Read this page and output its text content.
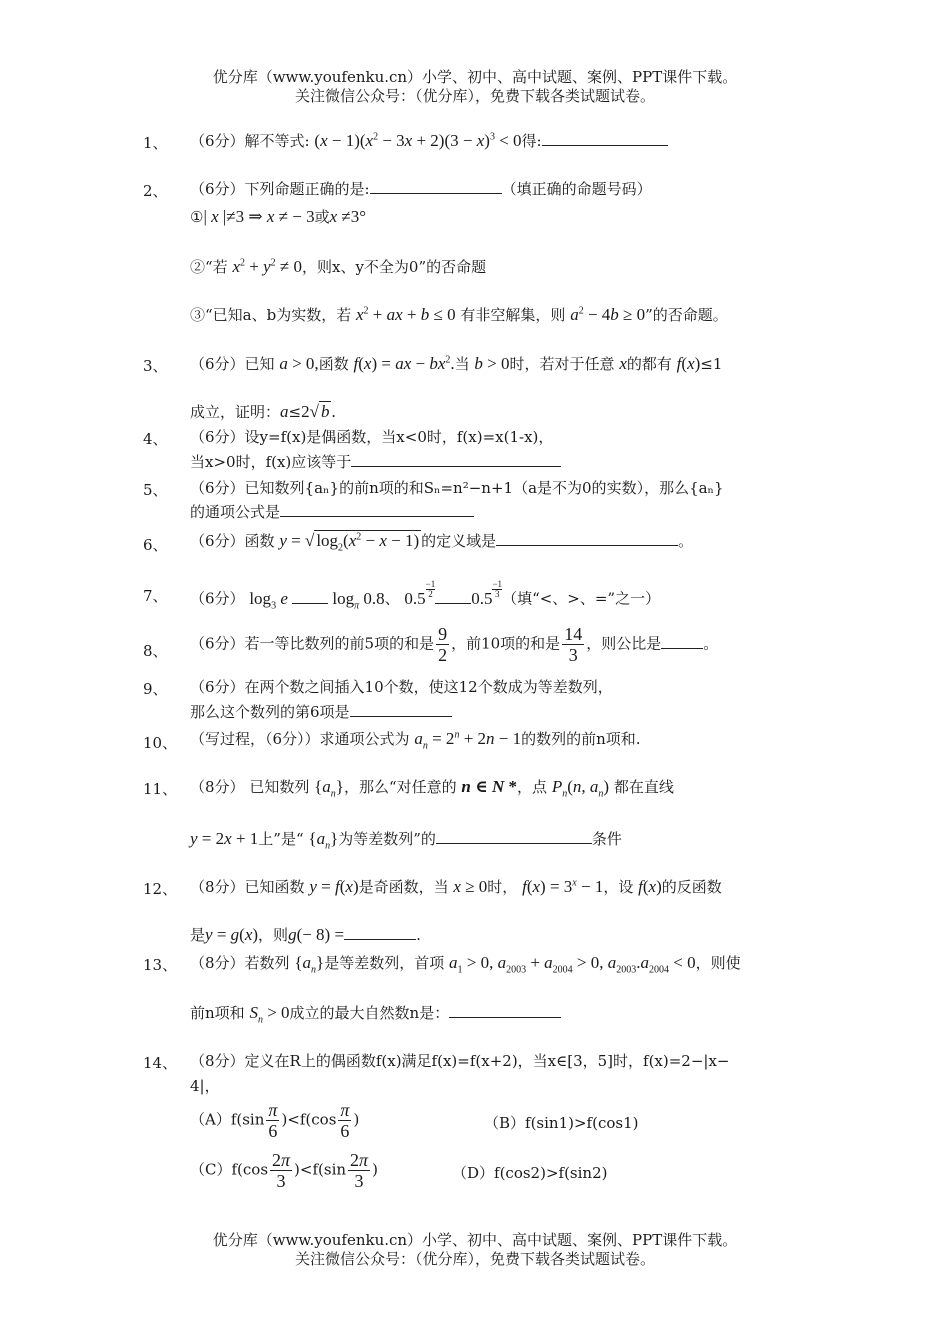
优分库（www.youfenku.cn）小学、初中、高中试题、案例、PPT课件下载。
关注微信公众号：（优分库），免费下载各类试题试卷。
1、 （6分）解不等式: $(x - 1)(x^2 - 3x + 2)(3 - x)^3 < 0$得:
2、 （6分）下列命题正确的是:	（填正确的命题号码）
①| x |≠3 ⇒ x ≠ − 3或x ≠3°
②“若 $x^2 + y^2 \ne 0$，则x、y不全为0”的否命题
③“已知a、b为实数，若 $x^2$ + ax + b ≤ 0 有非空解集，则 $a^2 - 4b \ge 0$”的否命题。
3、 （6分）已知 a > 0,函数 f(x) = ax − $bx^2$.当 b > 0时，若对于任意 x的都有 f(x)≤1
成立，证明：a≤2√ b .
4、 （6分）设y=f(x)是偶函数，当x<0时，f(x)=x(1-x)，
当x>0时，f(x)应该等于
5、 （6分）已知数列{aₙ}的前n项的和Sₙ=n²−n+1（a是不为0的实数），那么{aₙ}
的通项公式是
6、 （6分）函数 y = √ $\log_2(x^2 - x - 1)$ 的定义域是	。
7、 （6分） $\log_3 e$  $\log_\pi 0.8$、 $0.5 \frac{-1}{2} 0.5 \frac{-1}{3}$（填“<、>、=”之一）
8、 （6分）若一等比数列的前5项的和是 $\frac{9}{2}$ ，前10项的和是 $\frac{14}{3}$ ，则公比是	。
9、 （6分）在两个数之间插入10个数，使这12个数成为等差数列，
那么这个数列的第6项是
10、 （写过程，（6分））求通项公式为 $a_n = 2^n + 2n - 1$的数列的前n项和.
11、 （8分） 已知数列 $\{a_n\}$，那么“对任意的 n ∈ N *，点 $P_n(n$, $a_n$) 都在直线
y = 2x + 1上”是“ $\{a_n\}$为等差数列”的	条件
12、 （8分）已知函数 y = f(x)是奇函数，当 x ≥ 0时， $f(x) = 3^x - 1$，设 f(x)的反函数
是y = g(x)，则g(− 8) =	.
13、 （8分）若数列 $\{a_n\}$是等差数列，首项 $a_1 > 0$, $a_{2003} + a_{2004} > 0$, $a_{2003}.a_{2004} < 0$，则使
前n项和 $S_n > 0$成立的最大自然数n是：
14、 （8分）定义在R上的偶函数f(x)满足f(x)=f(x+2)，当x∈[3，5]时，f(x)=2−|x−
4|，
$(A)f(\sin \frac{\pi}{6} )<f(\cos \frac{\pi}{6}$ )	（B）f(sin1)>f(cos1)
$(C)f(\cos \frac{2\pi}{3} )<f(\sin \frac{2\pi}{3}$ )	（D）f(cos2)>f(sin2)
优分库（www.youfenku.cn）小学、初中、高中试题、案例、PPT课件下载。
关注微信公众号：（优分库），免费下载各类试题试卷。
